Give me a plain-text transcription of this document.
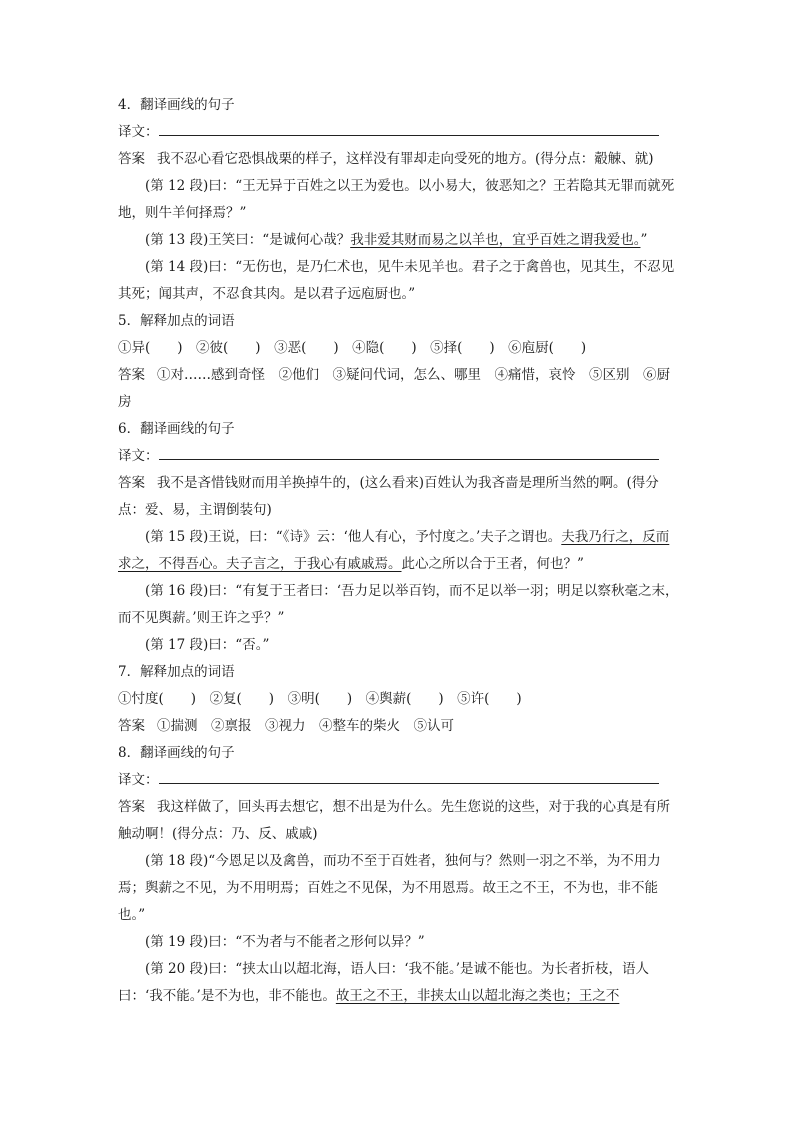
4．翻译画线的句子
译文：
答案 我不忍心看它恐惧战栗的样子，这样没有罪却走向受死的地方。(得分点：觳觫、就)
(第 12 段)曰：“王无异于百姓之以王为爱也。以小易大，彼恶知之？王若隐其无罪而就死地，则牛羊何择焉？”
(第 13 段)王笑曰：“是诚何心哉？我非爱其财而易之以羊也，宜乎百姓之谓我爱也。”
(第 14 段)曰：“无伤也，是乃仁术也，见牛未见羊也。君子之于禽兽也，见其生，不忍见其死；闻其声，不忍食其肉。是以君子远庖厨也。”
5．解释加点的词语
①异(　　)　②彼(　　)　③恶(　　)　④隐(　　)　⑤择(　　)　⑥庖厨(　　)
答案 ①对……感到奇怪　②他们　③疑问代词，怎么、哪里　④痛惜，哀怜　⑤区别　⑥厨房
6．翻译画线的句子
译文：
答案 我不是吝惜钱财而用羊换掉牛的，(这么看来)百姓认为我吝啬是理所当然的啊。(得分点：爱、易，主谓倒装句)
(第 15 段)王说，曰：“《诗》云：‘他人有心，予忖度之。’夫子之谓也。夫我乃行之，反而求之，不得吾心。夫子言之，于我心有戚戚焉。此心之所以合于王者，何也？”
(第 16 段)曰：“有复于王者曰：‘吾力足以举百钧，而不足以举一羽；明足以察秋毫之末，而不见舆薪。’则王许之乎？”
(第 17 段)曰：“否。”
7．解释加点的词语
①忖度(　　)　②复(　　)　③明(　　)　④舆薪(　　)　⑤许(　　)
答案 ①揣测　②禀报　③视力　④整车的柴火　⑤认可
8．翻译画线的句子
译文：
答案 我这样做了，回头再去想它，想不出是为什么。先生您说的这些，对于我的心真是有所触动啊！(得分点：乃、反、戚戚)
(第 18 段)“今恩足以及禽兽，而功不至于百姓者，独何与？然则一羽之不举，为不用力焉；舆薪之不见，为不用明焉；百姓之不见保，为不用恩焉。故王之不王，不为也，非不能也。”
(第 19 段)曰：“不为者与不能者之形何以异？”
(第 20 段)曰：“挟太山以超北海，语人曰：‘我不能。’是诚不能也。为长者折枝，语人曰：‘我不能。’是不为也，非不能也。故王之不王，非挟太山以超北海之类也；王之不
